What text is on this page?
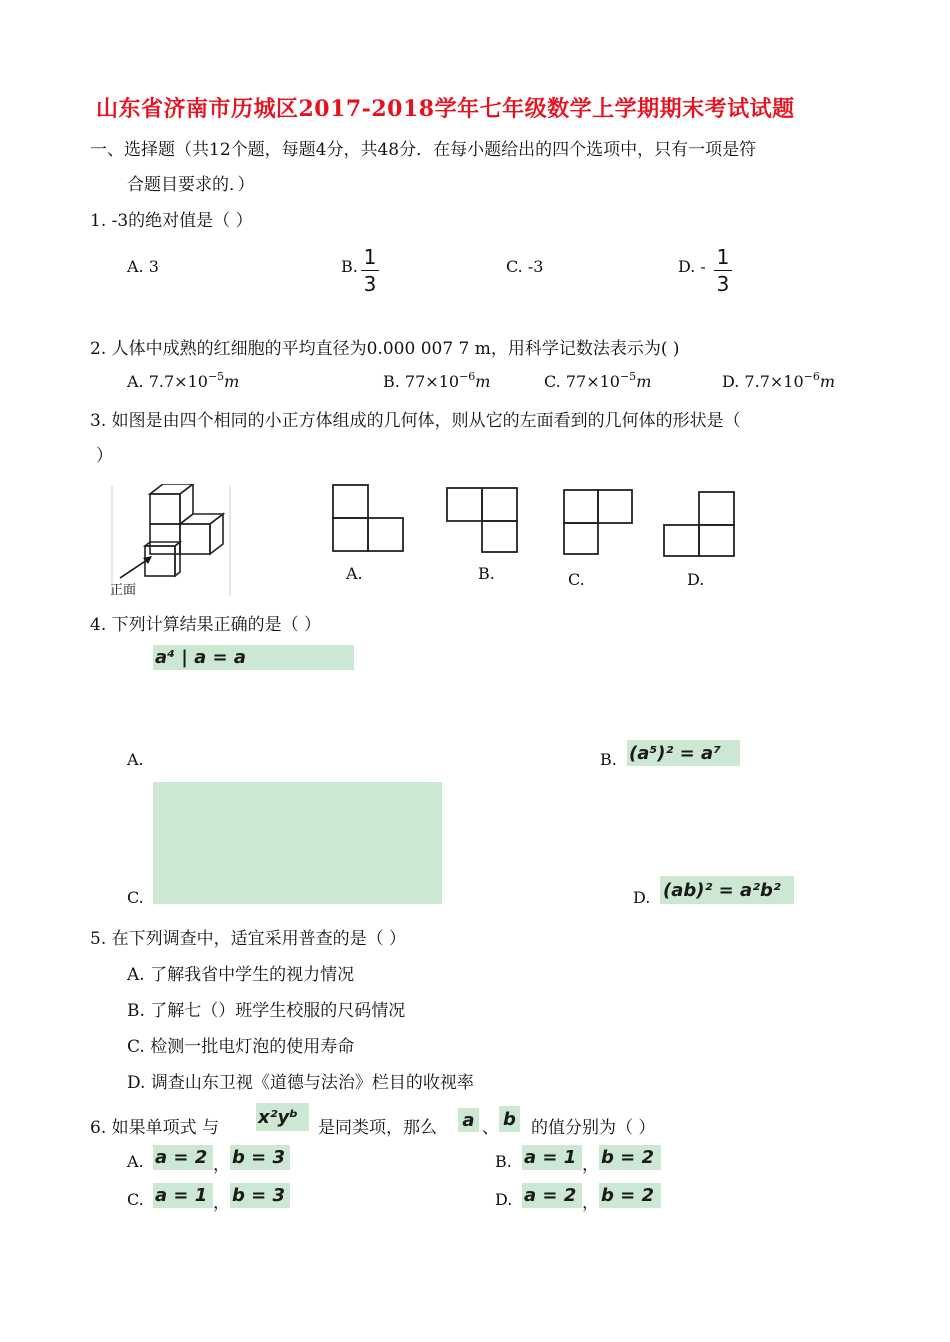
山东省济南市历城区2017-2018学年七年级数学上学期期末考试试题
一、选择题（共12个题，每题4分，共48分．在每小题给出的四个选项中，只有一项是符
合题目要求的．）
1. -3的绝对值是（ ）
A. 3	B. 1
3
C. -3	D. - 1
3
2. 人体中成熟的红细胞的平均直径为0.000 007 7 m，用科学记数法表示为( )
A. $7.7\times 10^{-5}m$	B. $77\times 10^{-6}m$	C. $77\times 10^{-5}m$	D. $7.7\times 10^{-6}m$
3. 如图是由四个相同的小正方体组成的几何体，则从它的左面看到的几何体的形状是（
）
正面
A.	B.	C.	D.
4. 下列计算结果正确的是（ ）
a⁴ | a = a
A.	B. (a⁵)² = a⁷
C.	D. (ab)² = a²b²
5. 在下列调查中，适宜采用普查的是（ ）
A. 了解我省中学生的视力情况
B. 了解七（）班学生校服的尺码情况
C. 检测一批电灯泡的使用寿命
D. 调查山东卫视《道德与法治》栏目的收视率
6. 如果单项式 与
x²yᵇ
是同类项，那么 a 、 b 的值分别为（ ）
A. a = 2 ， b = 3	B. a = 1 ， b = 2
C. a = 1 ， b = 3	D. a = 2 ， b = 2
